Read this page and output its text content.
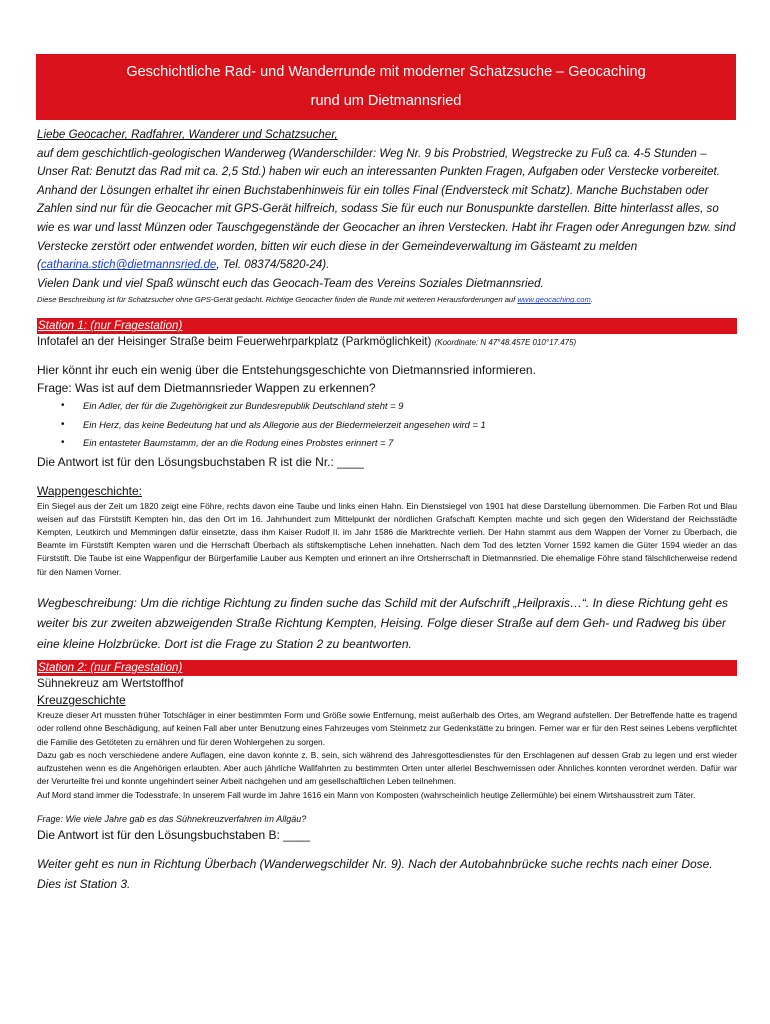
Geschichtliche Rad- und Wanderrunde mit moderner Schatzsuche – Geocaching
rund um Dietmannsried

Liebe Geocacher, Radfahrer, Wanderer und Schatzsucher,
auf dem geschichtlich-geologischen Wanderweg (Wanderschilder: Weg Nr. 9 bis Probstried, Wegstrecke zu Fuß ca. 4-5 Stunden – Unser Rat: Benutzt das Rad mit ca. 2,5 Std.) haben wir euch an interessanten Punkten Fragen, Aufgaben oder Verstecke vorbereitet. Anhand der Lösungen erhaltet ihr einen Buchstabenhinweis für ein tolles Final (Endversteck mit Schatz). Manche Buchstaben oder Zahlen sind nur für die Geocacher mit GPS-Gerät hilfreich, sodass Sie für euch nur Bonuspunkte darstellen. Bitte hinterlasst alles, so wie es war und lasst Münzen oder Tauschgegenstände der Geocacher an ihren Verstecken. Habt ihr Fragen oder Anregungen bzw. sind Verstecke zerstört oder entwendet worden, bitten wir euch diese in der Gemeindeverwaltung im Gästeamt zu melden (catharina.stich@dietmannsried.de, Tel. 08374/5820-24).
Vielen Dank und viel Spaß wünscht euch das Geocach-Team des Vereins Soziales Dietmannsried.

Diese Beschreibung ist für Schatzsucher ohne GPS-Gerät gedacht. Richtige Geocacher finden die Runde mit weiteren Herausforderungen auf www.geocaching.com.
Station 1: (nur Fragestation)
Infotafel an der Heisinger Straße beim Feuerwehrparkplatz (Parkmöglichkeit) (Koordinate: N 47°48.457E 010°17.475)
Hier könnt ihr euch ein wenig über die Entstehungsgeschichte von Dietmannsried informieren.
Frage: Was ist auf dem Dietmannsrieder Wappen zu erkennen?
• Ein Adler, der für die Zugehörigkeit zur Bundesrepublik Deutschland steht = 9
• Ein Herz, das keine Bedeutung hat und als Allegorie aus der Biedermeierzeit angesehen wird = 1
• Ein entasteter Baumstamm, der an die Rodung eines Probstes erinnert = 7
Die Antwort ist für den Lösungsbuchstaben R ist die Nr.: ____
Wappengeschichte:
Ein Siegel aus der Zeit um 1820 zeigt eine Föhre, rechts davon eine Taube und links einen Hahn. Ein Dienstsiegel von 1901 hat diese Darstellung übernommen. Die Farben Rot und Blau weisen auf das Fürststift Kempten hin, das den Ort im 16. Jahrhundert zum Mittelpunkt der nördlichen Grafschaft Kempten machte und sich gegen den Widerstand der Reichsstädte Kempten, Leutkirch und Memmingen dafür einsetzte, dass ihm Kaiser Rudolf II. im Jahr 1586 die Marktrechte verlieh. Der Hahn stammt aus dem Wappen der Vorner zu Überbach, die Beamte im Fürststift Kempten waren und die Herrschaft Überbach als stiftskemptische Lehen innehatten. Nach dem Tod des letzten Vorner 1592 kamen die Güter 1594 wieder an das Fürststift. Die Taube ist eine Wappenfigur der Bürgerfamilie Lauber aus Kempten und erinnert an ihre Ortsherrschaft in Dietmannsried. Die ehemalige Föhre stand fälschlicherweise redend für den Namen Vorner.
Wegbeschreibung: Um die richtige Richtung zu finden suche das Schild mit der Aufschrift „Heilpraxis…“. In diese Richtung geht es weiter bis zur zweiten abzweigenden Straße Richtung Kempten, Heising. Folge dieser Straße auf dem Geh- und Radweg bis über eine kleine Holzbrücke. Dort ist die Frage zu Station 2 zu beantworten.
Station 2: (nur Fragestation)
Sühnekreuz am Wertstoffhof
Kreuzgeschichte
Kreuze dieser Art mussten früher Totschläger in einer bestimmten Form und Größe sowie Entfernung, meist außerhalb des Ortes, am Wegrand aufstellen. Der Betreffende hatte es tragend oder rollend ohne Beschädigung, auf keinen Fall aber unter Benutzung eines Fahrzeuges vom Steinmetz zur Gedenkstätte zu bringen. Ferner war er für den Rest seines Lebens verpflichtet die Familie des Getöteten zu ernähren und für deren Wohlergehen zu sorgen.
Dazu gab es noch verschiedene andere Auflagen, eine davon konnte z. B. sein, sich während des Jahresgottesdienstes für den Erschlagenen auf dessen Grab zu legen und erst wieder aufzustehen wenn es die Angehörigen erlaubten. Aber auch jährliche Wallfahrten zu bestimmten Orten unter allerlei Beschwernissen oder Ähnliches konnten verordnet werden. Dafür war der Verurteilte frei und konnte ungehindert seiner Arbeit nachgehen und am gesellschaftlichen Leben teilnehmen.
Auf Mord stand immer die Todesstrafe. In unserem Fall wurde im Jahre 1616 ein Mann von Komposten (wahrscheinlich heutige Zellermühle) bei einem Wirtshausstreit zum Täter.
Frage: Wie viele Jahre gab es das Sühnekreuzverfahren im Allgäu?
Die Antwort ist für den Lösungsbuchstaben B: ____
Weiter geht es nun in Richtung Überbach (Wanderwegschilder Nr. 9). Nach der Autobahnbrücke suche rechts nach einer Dose. Dies ist Station 3.
